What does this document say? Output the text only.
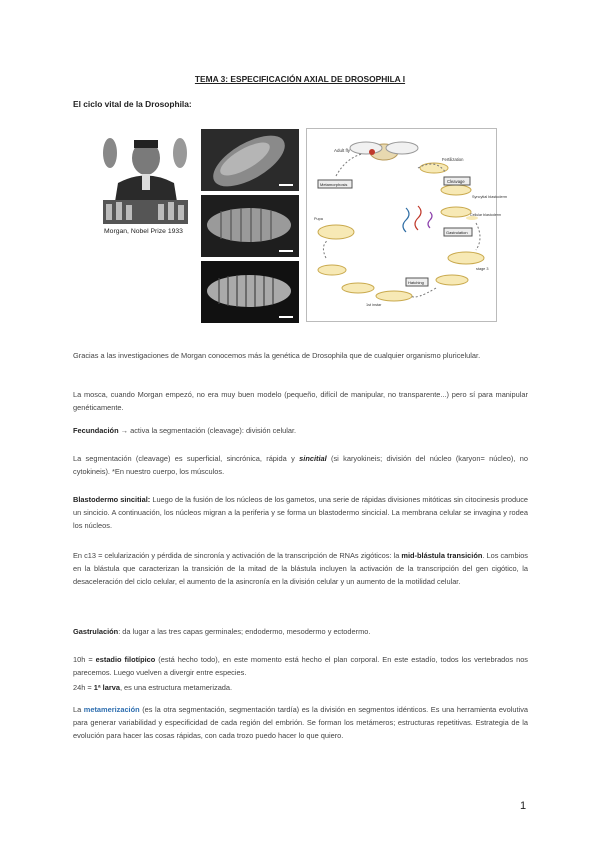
TEMA 3: ESPECIFICACIÓN AXIAL DE DROSOPHILA I
El ciclo vital de la Drosophila:
Morgan, Nobel Prize 1933
Adult fly
Fertilization
Cleavage
Syncytial blastoderm
Gastrulation
Cellular blastoderm
stage 3
Hatching
1st instar
Pupa
Metamorphosis
Gracias a las investigaciones de Morgan conocemos más la genética de Drosophila que de cualquier organismo pluricelular.
La mosca, cuando Morgan empezó, no era muy buen modelo (pequeño, difícil de manipular, no transparente...) pero sí para manipular genéticamente.
Fecundación → activa la segmentación (cleavage): división celular.
La segmentación (cleavage) es superficial, sincrónica, rápida y sincitial (si karyokineis; división del núcleo (karyon= núcleo), no cytokineis). *En nuestro cuerpo, los músculos.
Blastodermo sincitial: Luego de la fusión de los núcleos de los gametos, una serie de rápidas divisiones mitóticas sin citocinesis produce un sincicio. A continuación, los núcleos migran a la periferia y se forma un blastodermo sincicial. La membrana celular se invagina y rodea los núcleos.
En c13 = celularización y pérdida de sincronía y activación de la transcripción de RNAs zigóticos: la mid-blástula transición. Los cambios en la blástula que caracterizan la transición de la mitad de la blástula incluyen la activación de la transcripción del gen cigótico, la desaceleración del ciclo celular, el aumento de la asincronía en la división celular y un aumento de la motilidad celular.
Gastrulación: da lugar a las tres capas germinales; endodermo, mesodermo y ectodermo.
10h = estadio filotípico (está hecho todo), en este momento está hecho el plan corporal. En este estadío, todos los vertebrados nos parecemos. Luego vuelven a divergir entre especies.
24h = 1ª larva, es una estructura metamerizada.
La metamerización (es la otra segmentación, segmentación tardía) es la división en segmentos idénticos. Es una herramienta evolutiva para generar variabilidad y especificidad de cada región del embrión. Se forman los metámeros; estructuras repetitivas. Estrategia de la evolución para hacer las cosas rápidas, con cada trozo puedo hacer lo que quiero.
1
